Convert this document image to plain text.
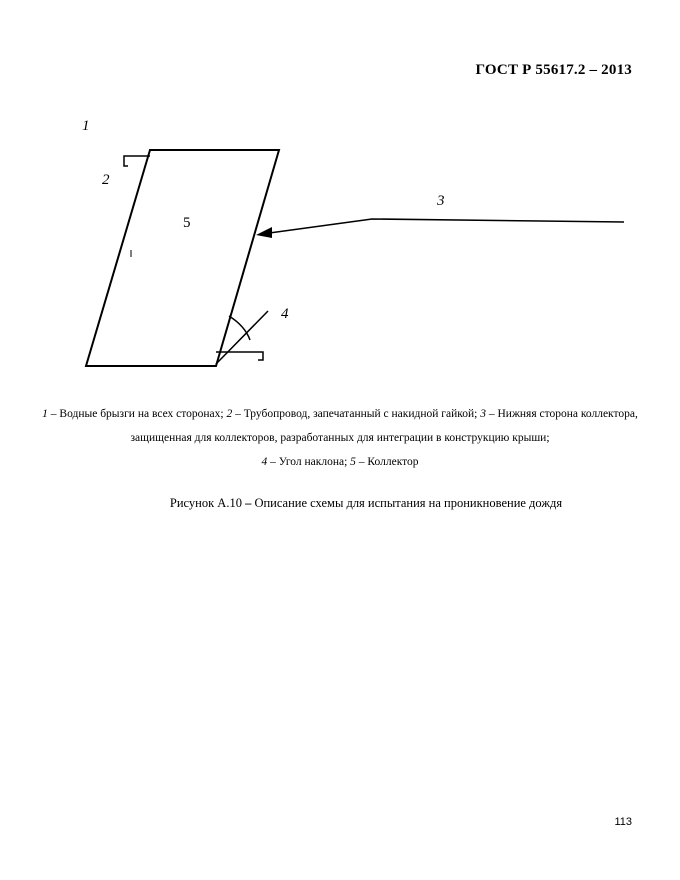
ГОСТ Р 55617.2 – 2013
1
2
3
4
5
1 – Водные брызги на всех сторонах; 2 – Трубопровод, запечатанный с накидной гайкой; 3 – Нижняя сторона коллектора, защищенная для коллекторов, разработанных для интеграции в конструкцию крыши;
4 – Угол наклона; 5 – Коллектор
Рисунок А.10 – Описание схемы для испытания на проникновение дождя
113
